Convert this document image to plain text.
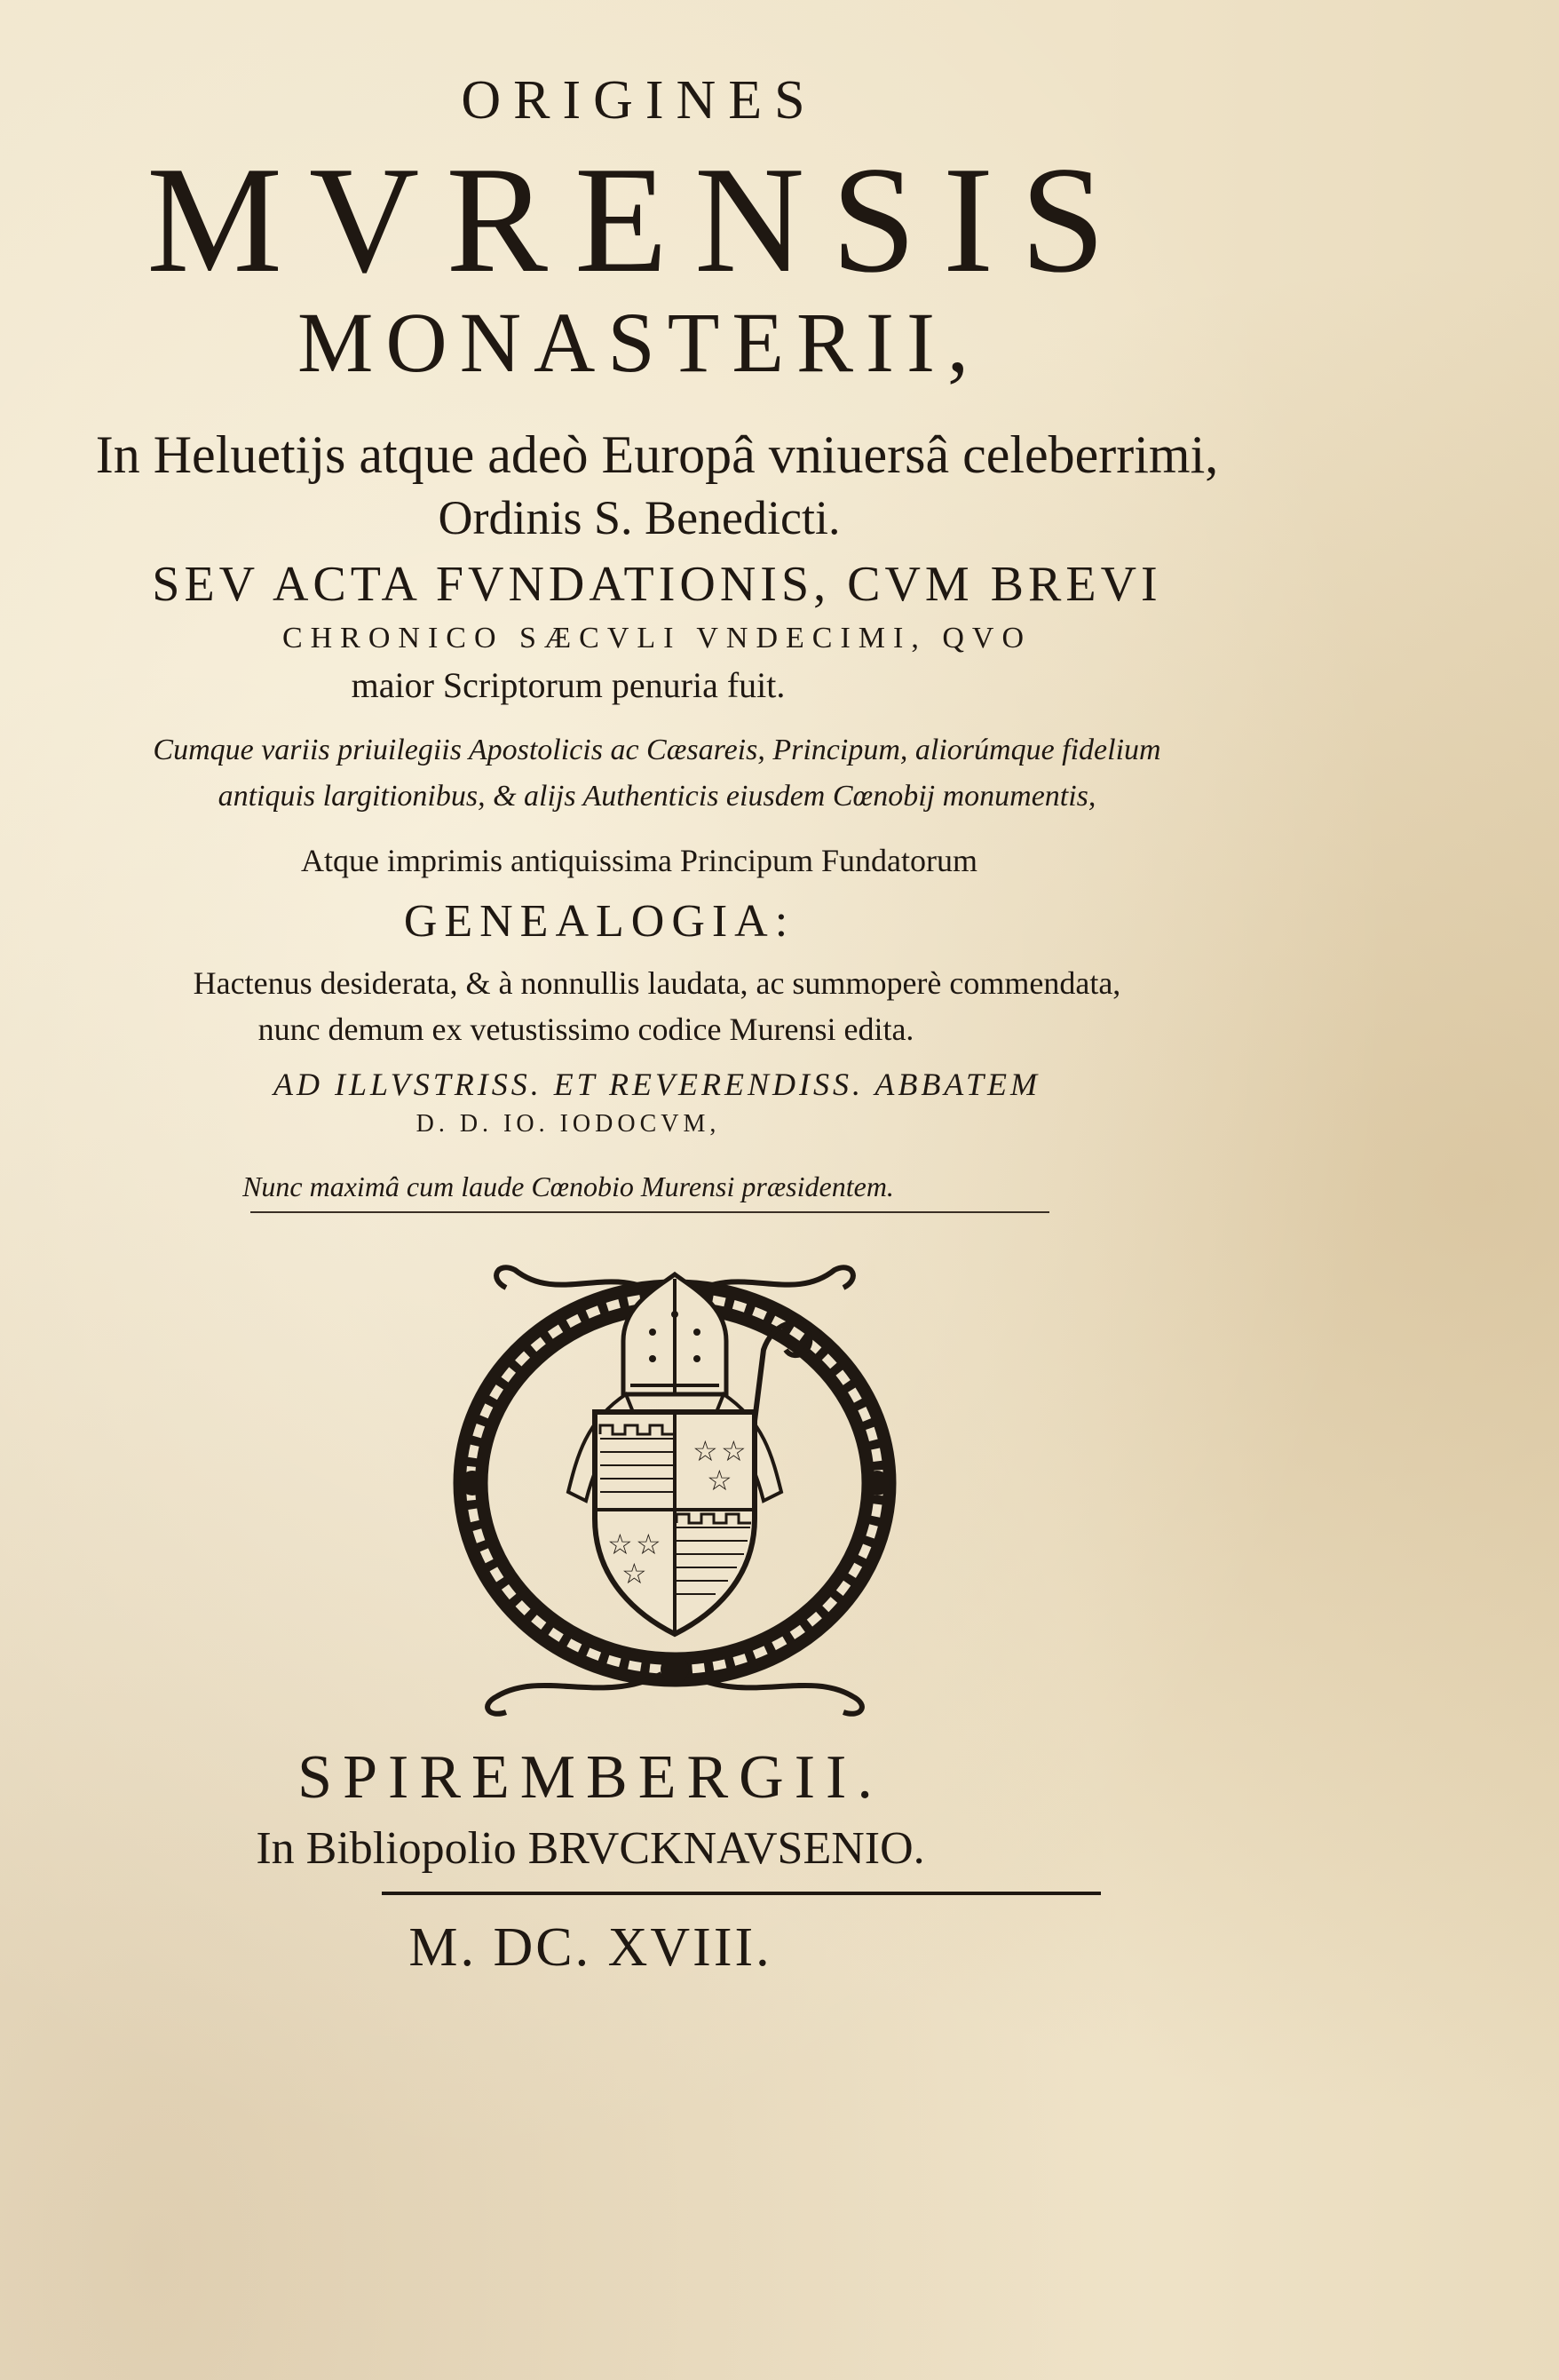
ORIGINES
MVRENSIS
MONASTERII,
In Heluetijs atque adeò Europâ vniuersâ celeberrimi,
Ordinis S. Benedicti.
SEV ACTA FVNDATIONIS, CVM BREVI
CHRONICO SÆCVLI VNDECIMI, QVO
maior Scriptorum penuria fuit.
Cumque variis priuilegiis Apostolicis ac Cæsareis, Principum, aliorúmque fidelium
antiquis largitionibus, & alijs Authenticis eiusdem Cœnobij monumentis,
Atque imprimis antiquissima Principum Fundatorum
GENEALOGIA:
Hactenus desiderata, & à nonnullis laudata, ac summoperè commendata,
nunc demum ex vetustissimo codice Murensi edita.
AD ILLVSTRISS. ET REVERENDISS. ABBATEM
D. D. IO. IODOCVM,
Nunc maximâ cum laude Cœnobio Murensi præsidentem.
☆ ☆
☆
☆ ☆
☆
SPIREMBERGII.
In Bibliopolio BRVCKNAVSENIO.
M. DC. XVIII.
